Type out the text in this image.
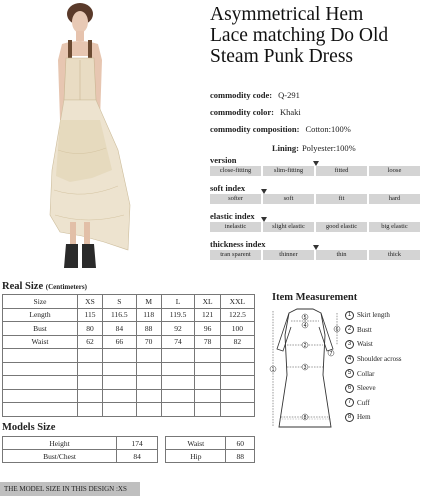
Asymmetrical Hem
Lace matching Do Old
Steam Punk Dress
commodity code: Q-291
commodity color: Khaki
commodity composition: Cotton:100%
Lining: Polyester:100%
version
close-fitting	slim-fitting	fitted	loose
soft index
softer	soft	fit	hard
elastic index
inelastic	slight elastic	good elastic	big elastic
thickness index
tran sparent	thinner	thin	thick
Real Size (Centimeters)
Size	XS	S	M	L	XL	XXL
Length	115	116.5	118	119.5	121	122.5
Bust	80	84	88	92	96	100
Waist	62	66	70	74	78	82

Item Measurement
5
4
2
3
8
1
6
7
1 Skirt length
2 Bustt
3 Waist
4 Shoulder across
5 Collar
6 Sleeve
7 Cuff
8 Hem
Models Size
Height	174		Waist	60
Bust/Chest	84		Hip	88
THE MODEL SIZE IN THIS DESIGN :XS
